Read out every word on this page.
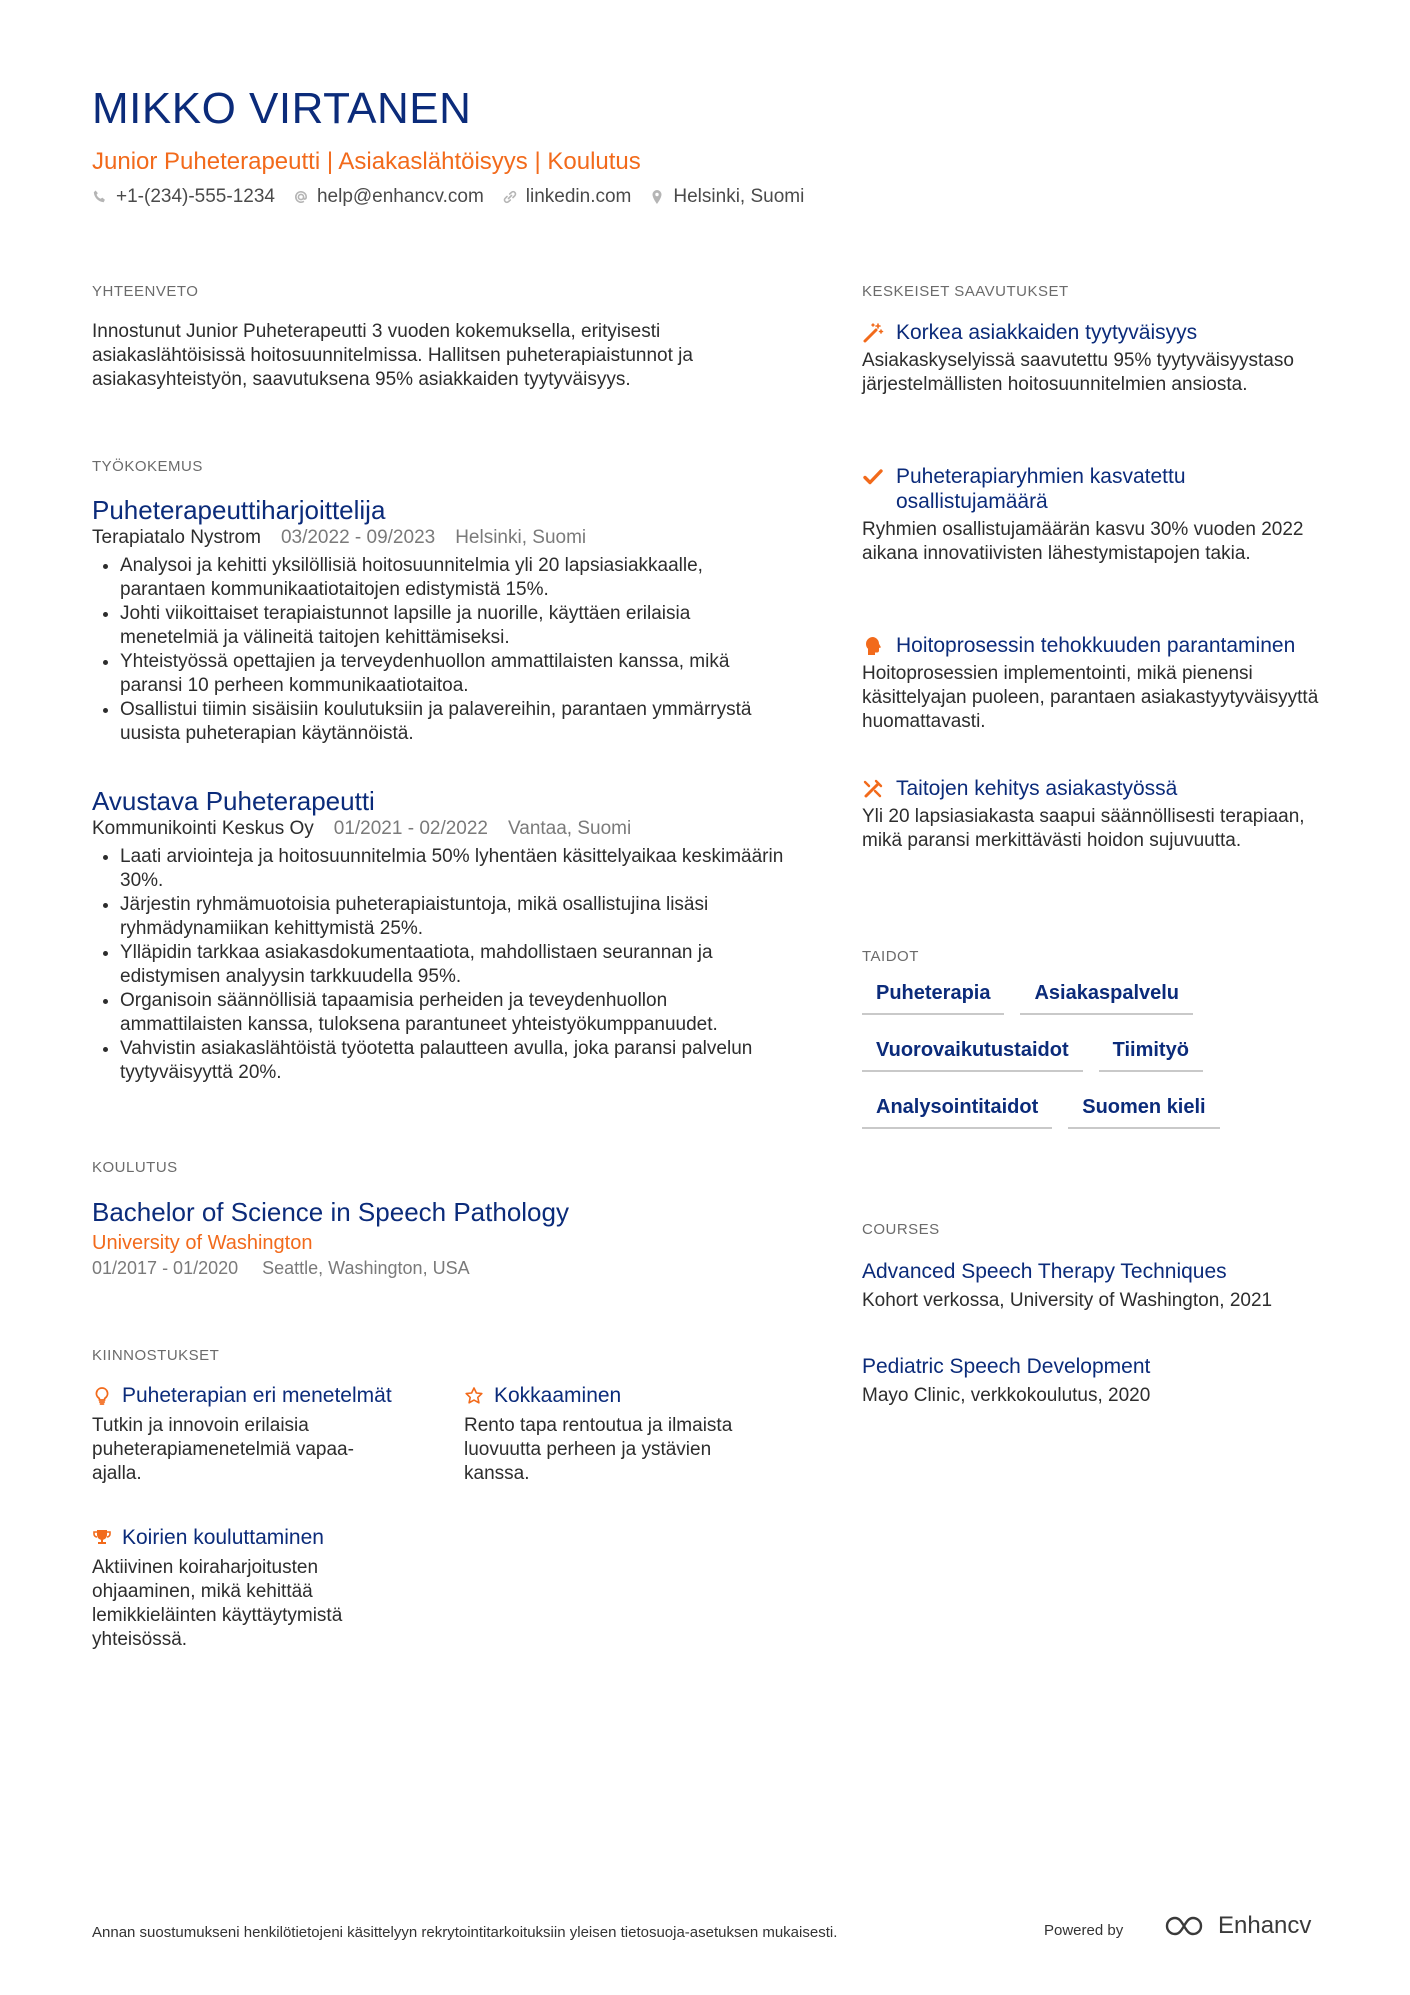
MIKKO VIRTANEN
Junior Puheterapeutti | Asiakaslähtöisyys | Koulutus
+1-(234)-555-1234 help@enhancv.com linkedin.com Helsinki, Suomi
YHTEENVETO
Innostunut Junior Puheterapeutti 3 vuoden kokemuksella, erityisesti asiakaslähtöisissä hoitosuunnitelmissa. Hallitsen puheterapiaistunnot ja asiakasyhteistyön, saavutuksena 95% asiakkaiden tyytyväisyys.
TYÖKOKEMUS
Puheterapeuttiharjoittelija
Terapiatalo Nystrom 03/2022 - 09/2023 Helsinki, Suomi
• Analysoi ja kehitti yksilöllisiä hoitosuunnitelmia yli 20 lapsiasiakkaalle, parantaen kommunikaatiotaitojen edistymistä 15%.
• Johti viikoittaiset terapiaistunnot lapsille ja nuorille, käyttäen erilaisia menetelmiä ja välineitä taitojen kehittämiseksi.
• Yhteistyössä opettajien ja terveydenhuollon ammattilaisten kanssa, mikä paransi 10 perheen kommunikaatiotaitoa.
• Osallistui tiimin sisäisiin koulutuksiin ja palavereihin, parantaen ymmärrystä uusista puheterapian käytännöistä.
Avustava Puheterapeutti
Kommunikointi Keskus Oy 01/2021 - 02/2022 Vantaa, Suomi
• Laati arviointeja ja hoitosuunnitelmia 50% lyhentäen käsittelyaikaa keskimäärin 30%.
• Järjestin ryhmämuotoisia puheterapiaistuntoja, mikä osallistujina lisäsi ryhmädynamiikan kehittymistä 25%.
• Ylläpidin tarkkaa asiakasdokumentaatiota, mahdollistaen seurannan ja edistymisen analyysin tarkkuudella 95%.
• Organisoin säännöllisiä tapaamisia perheiden ja teveydenhuollon ammattilaisten kanssa, tuloksena parantuneet yhteistyökumppanuudet.
• Vahvistin asiakaslähtöistä työotetta palautteen avulla, joka paransi palvelun tyytyväisyyttä 20%.
KOULUTUS
Bachelor of Science in Speech Pathology
University of Washington
01/2017 - 01/2020 Seattle, Washington, USA
KIINNOSTUKSET
Puheterapian eri menetelmät
Tutkin ja innovoin erilaisia puheterapiamenetelmiä vapaa-ajalla.
Kokkaaminen
Rento tapa rentoutua ja ilmaista luovuutta perheen ja ystävien kanssa.
Koirien kouluttaminen
Aktiivinen koiraharjoitusten ohjaaminen, mikä kehittää lemikkieläinten käyttäytymistä yhteisössä.
KESKEISET SAAVUTUKSET
Korkea asiakkaiden tyytyväisyys
Asiakaskyselyissä saavutettu 95% tyytyväisyystaso järjestelmällisten hoitosuunnitelmien ansiosta.
Puheterapiaryhmien kasvatettu osallistujamäärä
Ryhmien osallistujamäärän kasvu 30% vuoden 2022 aikana innovatiivisten lähestymistapojen takia.
Hoitoprosessin tehokkuuden parantaminen
Hoitoprosessien implementointi, mikä pienensi käsittelyajan puoleen, parantaen asiakastyytyväisyyttä huomattavasti.
Taitojen kehitys asiakastyössä
Yli 20 lapsiasiakasta saapui säännöllisesti terapiaan, mikä paransi merkittävästi hoidon sujuvuutta.
TAIDOT
Puheterapia	Asiakaspalvelu
Vuorovaikutustaidot	Tiimityö
Analysointitaidot	Suomen kieli
COURSES
Advanced Speech Therapy Techniques
Kohort verkossa, University of Washington, 2021
Pediatric Speech Development
Mayo Clinic, verkkokoulutus, 2020
Annan suostumukseni henkilötietojeni käsittelyyn rekrytointitarkoituksiin yleisen tietosuoja-asetuksen mukaisesti.	Powered by	Enhancv
